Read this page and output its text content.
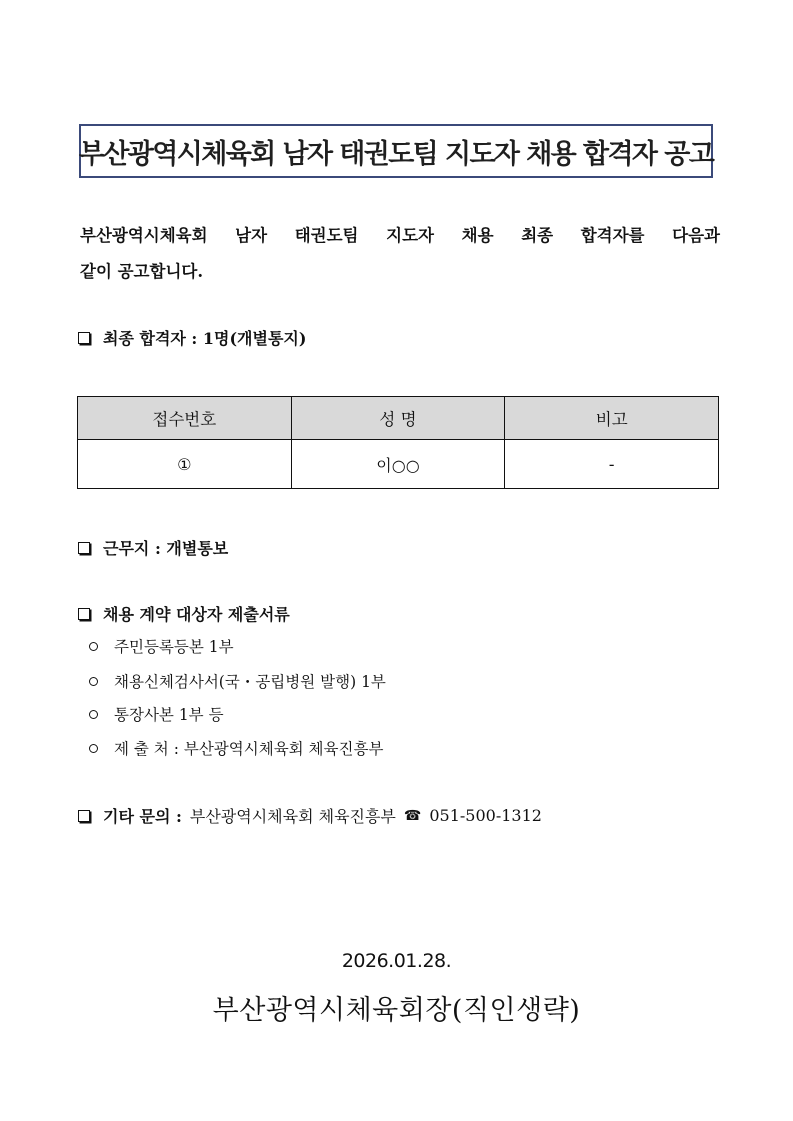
부산광역시체육회 남자 태권도팀 지도자 채용 합격자 공고
부산광역시체육회 남자 태권도팀 지도자 채용 최종 합격자를 다음과
같이 공고합니다.
최종 합격자 : 1명(개별통지)
접수번호	성 명	비고
①	이○○	-
근무지 : 개별통보
채용 계약 대상자 제출서류
주민등록등본 1부
채용신체검사서(국・공립병원 발행) 1부
통장사본 1부 등
제 출 처 : 부산광역시체육회 체육진흥부
기타 문의 : 부산광역시체육회 체육진흥부 ☎ 051-500-1312
2026.01.28.
부산광역시체육회장(직인생략)
